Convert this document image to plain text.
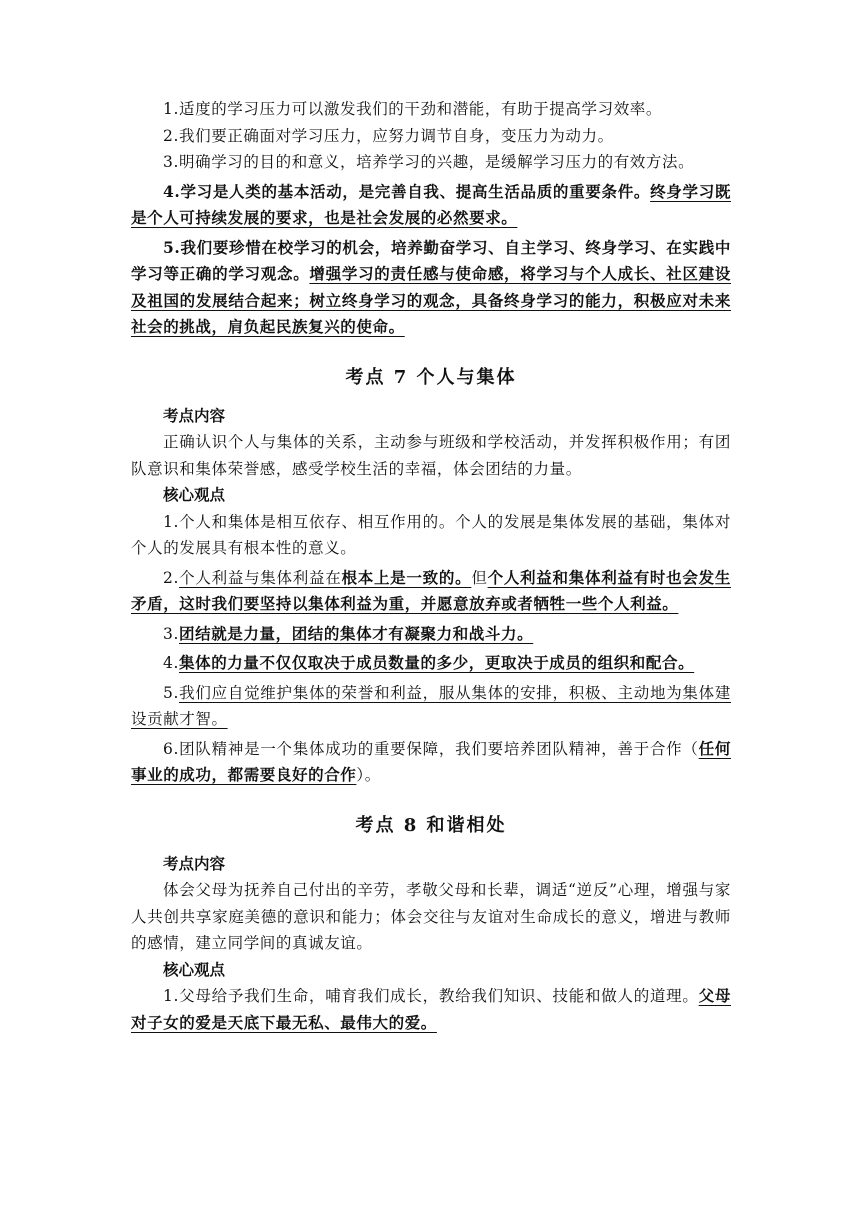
1.适度的学习压力可以激发我们的干劲和潜能，有助于提高学习效率。

2.我们要正确面对学习压力，应努力调节自身，变压力为动力。

3.明确学习的目的和意义，培养学习的兴趣，是缓解学习压力的有效方法。

4.学习是人类的基本活动，是完善自我、提高生活品质的重要条件。终身学习既是个人可持续发展的要求，也是社会发展的必然要求。

5.我们要珍惜在校学习的机会，培养勤奋学习、自主学习、终身学习、在实践中学习等正确的学习观念。增强学习的责任感与使命感，将学习与个人成长、社区建设及祖国的发展结合起来；树立终身学习的观念，具备终身学习的能力，积极应对未来社会的挑战，肩负起民族复兴的使命。

考点 7 个人与集体
考点内容

正确认识个人与集体的关系，主动参与班级和学校活动，并发挥积极作用；有团队意识和集体荣誉感，感受学校生活的幸福，体会团结的力量。

核心观点

1.个人和集体是相互依存、相互作用的。个人的发展是集体发展的基础，集体对个人的发展具有根本性的意义。

2.个人利益与集体利益在根本上是一致的。但个人利益和集体利益有时也会发生矛盾，这时我们要坚持以集体利益为重，并愿意放弃或者牺牲一些个人利益。

3.团结就是力量，团结的集体才有凝聚力和战斗力。

4.集体的力量不仅仅取决于成员数量的多少，更取决于成员的组织和配合。

5.我们应自觉维护集体的荣誉和利益，服从集体的安排，积极、主动地为集体建设贡献才智。

6.团队精神是一个集体成功的重要保障，我们要培养团队精神，善于合作（任何事业的成功，都需要良好的合作）。

考点 8 和谐相处
考点内容

体会父母为抚养自己付出的辛劳，孝敬父母和长辈，调适“逆反”心理，增强与家人共创共享家庭美德的意识和能力；体会交往与友谊对生命成长的意义，增进与教师的感情，建立同学间的真诚友谊。

核心观点

1.父母给予我们生命，哺育我们成长，教给我们知识、技能和做人的道理。父母对子女的爱是天底下最无私、最伟大的爱。
